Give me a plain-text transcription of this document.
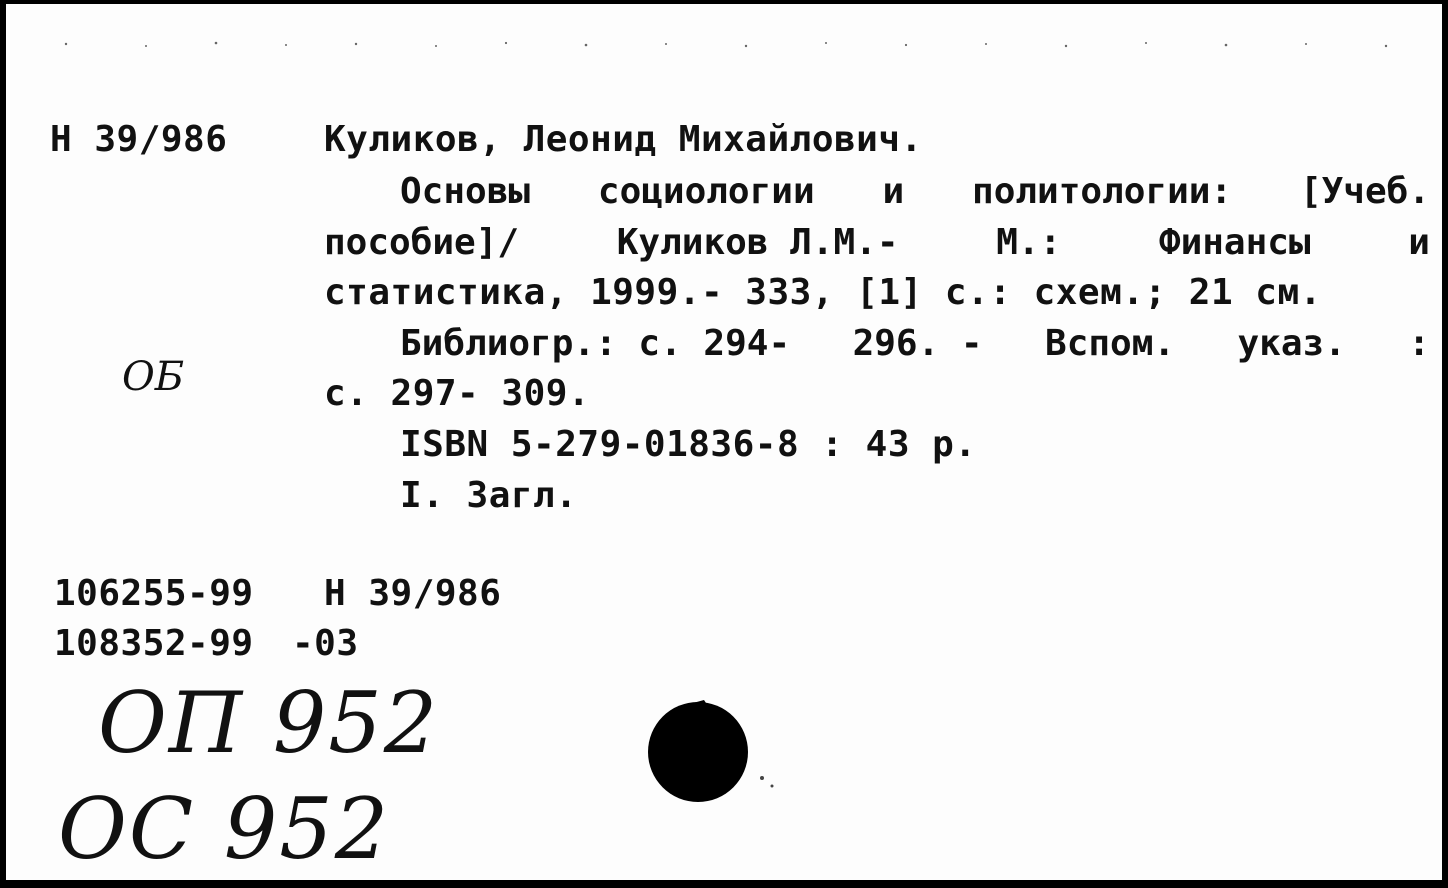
Н 39/986	Куликов, Леонид Михайлович.
Основы социологии и политологии: [Учеб.
пособие]/	Куликов Л.М.-	М.:	Финансы	и
статистика, 1999.- 333, [1] с.: схем.; 21 см.
Библиогр.: с. 294- 296. - Вспом. указ. :
с. 297- 309.
ISBN 5-279-01836-8 : 43 р.
I. Загл.
106255-99 Н 39/986
108352-99 -03
ОБ
ОП 952
ОС 952
